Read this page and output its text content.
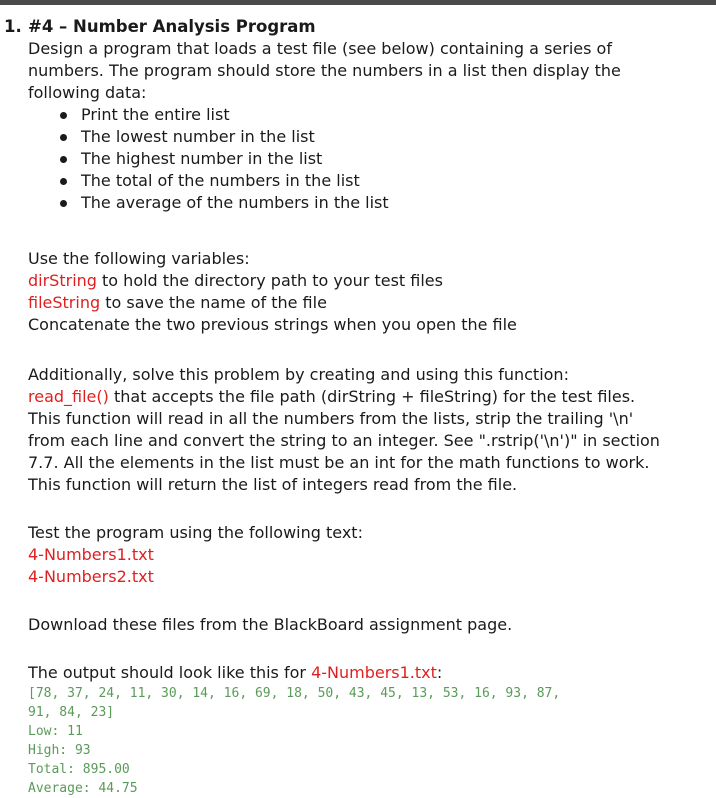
1. #4 – Number Analysis Program
Design a program that loads a test file (see below) containing a series of
numbers. The program should store the numbers in a list then display the
following data:
Print the entire list
The lowest number in the list
The highest number in the list
The total of the numbers in the list
The average of the numbers in the list
Use the following variables:
dirString to hold the directory path to your test files
fileString to save the name of the file
Concatenate the two previous strings when you open the file
Additionally, solve this problem by creating and using this function:
read_file() that accepts the file path (dirString + fileString) for the test files.
This function will read in all the numbers from the lists, strip the trailing '\n'
from each line and convert the string to an integer. See ".rstrip('\n')" in section
7.7. All the elements in the list must be an int for the math functions to work.
This function will return the list of integers read from the file.
Test the program using the following text:
4-Numbers1.txt
4-Numbers2.txt
Download these files from the BlackBoard assignment page.
The output should look like this for 4-Numbers1.txt:
[78, 37, 24, 11, 30, 14, 16, 69, 18, 50, 43, 45, 13, 53, 16, 93, 87,
91, 84, 23]
Low: 11
High: 93
Total: 895.00
Average: 44.75
